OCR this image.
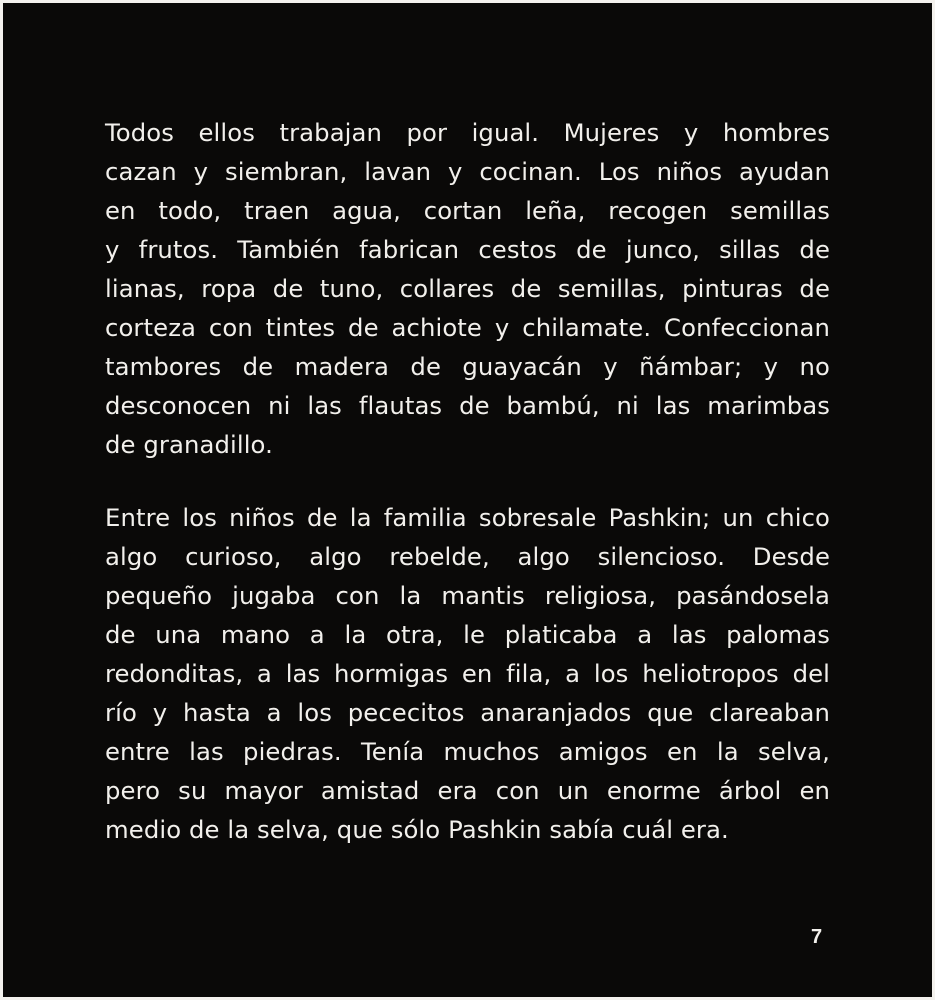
Todos ellos trabajan por igual. Mujeres y hombres
cazan y siembran, lavan y cocinan. Los niños ayudan
en todo, traen agua, cortan leña, recogen semillas
y frutos. También fabrican cestos de junco, sillas de
lianas, ropa de tuno, collares de semillas, pinturas de
corteza con tintes de achiote y chilamate. Confeccionan
tambores de madera de guayacán y ñámbar; y no
desconocen ni las flautas de bambú, ni las marimbas
de granadillo.
Entre los niños de la familia sobresale Pashkin; un chico
algo curioso, algo rebelde, algo silencioso. Desde
pequeño jugaba con la mantis religiosa, pasándosela
de una mano a la otra, le platicaba a las palomas
redonditas, a las hormigas en fila, a los heliotropos del
río y hasta a los pececitos anaranjados que clareaban
entre las piedras. Tenía muchos amigos en la selva,
pero su mayor amistad era con un enorme árbol en
medio de la selva, que sólo Pashkin sabía cuál era.
7
